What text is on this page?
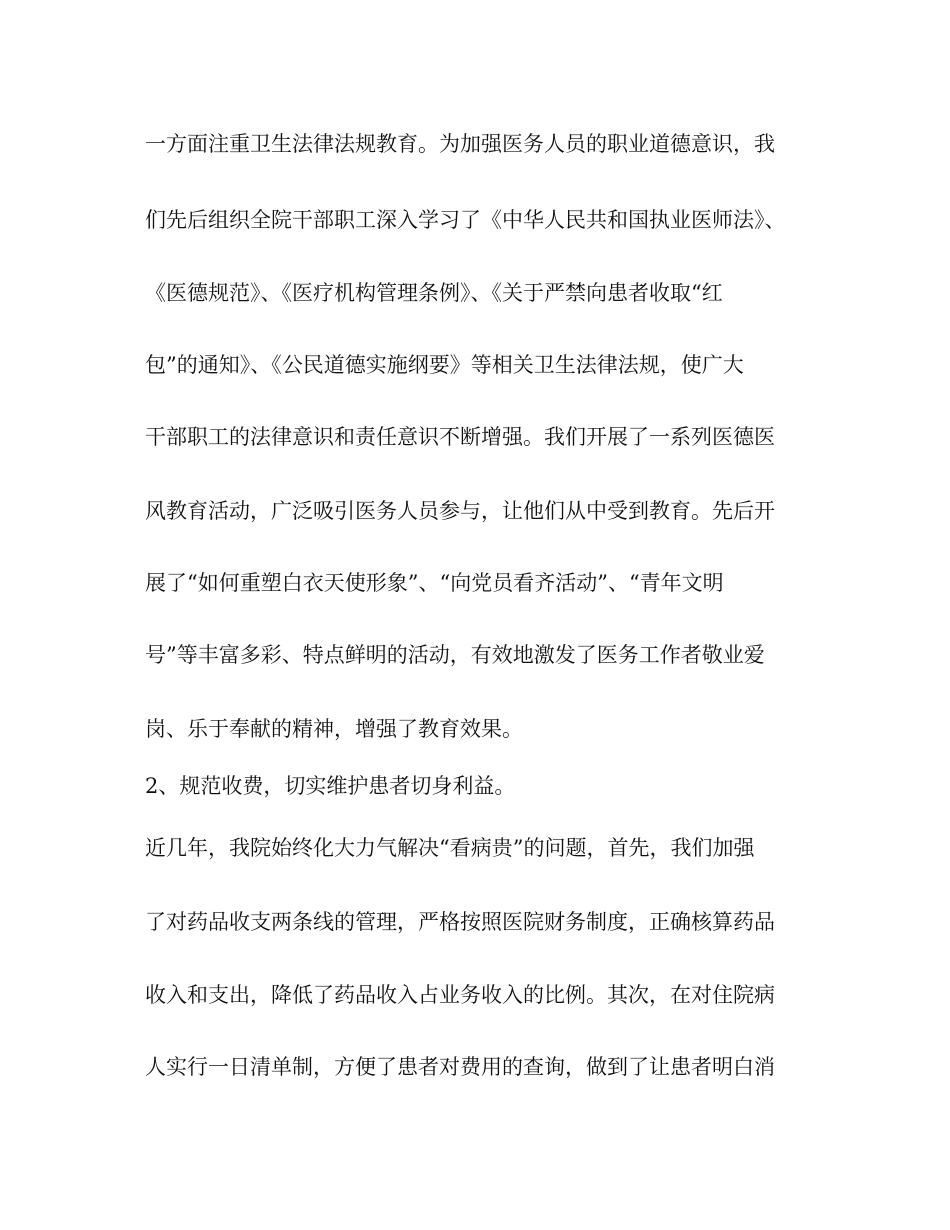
一方面注重卫生法律法规教育。为加强医务人员的职业道德意识，我
们先后组织全院干部职工深入学习了《中华人民共和国执业医师法》、
《医德规范》、《医疗机构管理条例》、《关于严禁向患者收取“红
包”的通知》、《公民道德实施纲要》等相关卫生法律法规，使广大
干部职工的法律意识和责任意识不断增强。我们开展了一系列医德医
风教育活动，广泛吸引医务人员参与，让他们从中受到教育。先后开
展了“如何重塑白衣天使形象”、“向党员看齐活动”、“青年文明
号”等丰富多彩、特点鲜明的活动，有效地激发了医务工作者敬业爱
岗、乐于奉献的精神，增强了教育效果。
2、规范收费，切实维护患者切身利益。
近几年，我院始终化大力气解决“看病贵”的问题，首先，我们加强
了对药品收支两条线的管理，严格按照医院财务制度，正确核算药品
收入和支出，降低了药品收入占业务收入的比例。其次，在对住院病
人实行一日清单制，方便了患者对费用的查询，做到了让患者明白消
